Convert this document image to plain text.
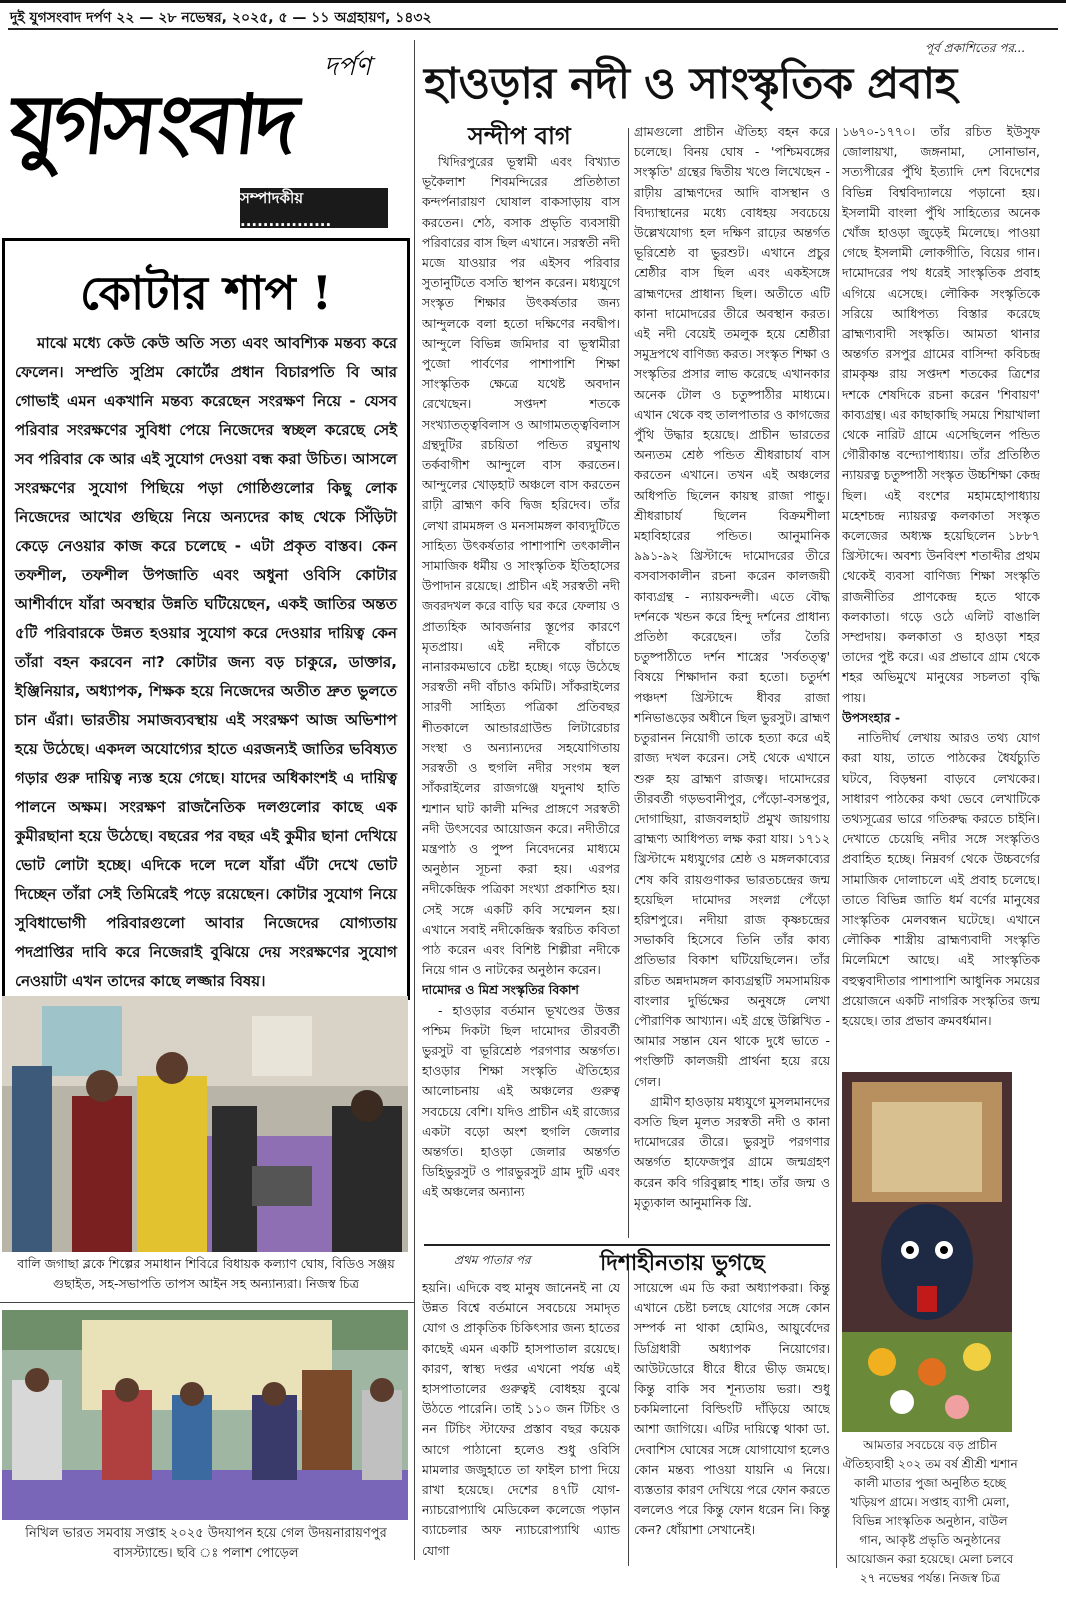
দুই যুগসংবাদ দর্পণ ২২ — ২৮ নভেম্বর, ২০২৫, ৫ — ১১ অগ্রহায়ণ, ১৪৩২
যুগসংবাদ
দর্পণ
সম্পাদকীয় ................
কোটার শাপ !

মাঝে মধ্যে কেউ কেউ অতি সত্য এবং আবশ্যিক মন্তব্য করে ফেলেন। সম্প্রতি সুপ্রিম কোর্টের প্রধান বিচারপতি বি আর গোভাই এমন একখানি মন্তব্য করেছেন সংরক্ষণ নিয়ে - যেসব পরিবার সংরক্ষণের সুবিধা পেয়ে নিজেদের স্বচ্ছল করেছে সেই সব পরিবার কে আর এই সুযোগ দেওয়া বন্ধ করা উচিত। আসলে সংরক্ষণের সুযোগ পিছিয়ে পড়া গোষ্ঠিগুলোর কিছু লোক নিজেদের আখের গুছিয়ে নিয়ে অন্যদের কাছ থেকে সিঁড়িটা কেড়ে নেওয়ার কাজ করে চলেছে - এটা প্রকৃত বাস্তব। কেন তফশীল, তফশীল উপজাতি এবং অধুনা ওবিসি কোটার আশীর্বাদে যাঁরা অবস্থার উন্নতি ঘটিয়েছেন, একই জাতির অন্তত ৫টি পরিবারকে উন্নত হওয়ার সুযোগ করে দেওয়ার দায়িত্ব কেন তাঁরা বহন করবেন না? কোটার জন্য বড় চাকুরে, ডাক্তার, ইঞ্জিনিয়ার, অধ্যাপক, শিক্ষক হয়ে নিজেদের অতীত দ্রুত ভুলতে চান এঁরা। ভারতীয় সমাজব্যবস্থায় এই সংরক্ষণ আজ অভিশাপ হয়ে উঠেছে। একদল অযোগ্যের হাতে এরজন্যই জাতির ভবিষ্যত গড়ার গুরু দায়িত্ব ন্যস্ত হয়ে গেছে। যাদের অধিকাংশই এ দায়িত্ব পালনে অক্ষম। সংরক্ষণ রাজনৈতিক দলগুলোর কাছে এক কুমীরছানা হয়ে উঠেছে। বছরের পর বছর এই কুমীর ছানা দেখিয়ে ভোট লোটা হচ্ছে। এদিকে দলে দলে যাঁরা এঁটা দেখে ভোট দিচ্ছেন তাঁরা সেই তিমিরেই পড়ে রয়েছেন। কোটার সুযোগ নিয়ে সুবিধাভোগী পরিবারগুলো আবার নিজেদের যোগ্যতায় পদপ্রাপ্তির দাবি করে নিজেরাই বুঝিয়ে দেয় সংরক্ষণের সুযোগ নেওয়াটা এখন তাদের কাছে লজ্জার বিষয়।

বালি জগাছা ব্লকে শিল্পের সমাধান শিবিরে বিধায়ক কল্যাণ ঘোষ, বিডিও সঞ্জয় গুছাইত, সহ-সভাপতি তাপস আইন সহ অন্যান্যরা। নিজস্ব চিত্র
নিখিল ভারত সমবায় সপ্তাহ ২০২৫ উদযাপন হয়ে গেল উদয়নারায়ণপুর বাসস্ট্যান্ডে। ছবি ঃ পলাশ পোড়েল
পূর্ব প্রকাশিতের পর...
হাওড়ার নদী ও সাংস্কৃতিক প্রবাহ
সন্দীপ বাগ

খিদিরপুরের ভূস্বামী এবং বিখ্যাত ভূকৈলাশ শিবমন্দিরের প্রতিষ্ঠাতা কন্দর্পনারায়ণ ঘোষাল বাকসাড়ায় বাস করতেন। শেঠ, বসাক প্রভৃতি ব্যবসায়ী পরিবারের বাস ছিল এখানে। সরস্বতী নদী মজে যাওয়ার পর এইসব পরিবার সুতানুটিতে বসতি স্থাপন করেন। মধ্যযুগে সংস্কৃত শিক্ষার উৎকর্ষতার জন্য আন্দুলকে বলা হতো দক্ষিণের নবদ্বীপ। আন্দুলে বিভিন্ন জমিদার বা ভূস্বামীরা পুজো পার্বণের পাশাপাশি শিক্ষা সাংস্কৃতিক ক্ষেত্রে যথেষ্ট অবদান রেখেছেন। সপ্তদশ শতকে সংখ্যাতত্ত্ববিলাস ও আগামতত্ত্ববিলাস গ্রন্থদুটির রচয়িতা পন্ডিত রঘুনাথ তর্কবাগীশ আন্দুলে বাস করতেন। আন্দুলের খোড়হাট অঞ্চলে বাস করতেন রাঢ়ী ব্রাহ্মণ কবি দ্বিজ হরিদেব। তাঁর লেখা রামমঙ্গল ও মনসামঙ্গল কাব্যদুটিতে সাহিত্য উৎকর্ষতার পাশাপাশি তৎকালীন সামাজিক ধর্মীয় ও সাংস্কৃতিক ইতিহাসের উপাদান রয়েছে। প্রাচীন এই সরস্বতী নদী জবরদখল করে বাড়ি ঘর করে ফেলায় ও প্রাত্যহিক আবর্জনার স্তূপের কারণে মৃতপ্রায়। এই নদীকে বাঁচাতে নানারকমভাবে চেষ্টা হচ্ছে। গড়ে উঠেছে সরস্বতী নদী বাঁচাও কমিটি। সাঁকরাইলের সারণী সাহিত্য পত্রিকা প্রতিবছর শীতকালে আন্ডারগ্রাউন্ড লিটারেচার সংস্থা ও অন্যান্যদের সহযোগিতায় সরস্বতী ও হুগলি নদীর সংগম স্থল সাঁকরাইলের রাজগঞ্জে যদুনাথ হাতি শ্মশান ঘাট কালী মন্দির প্রাঙ্গণে সরস্বতী নদী উৎসবের আয়োজন করে। নদীতীরে মন্ত্রপাঠ ও পুষ্প নিবেদনের মাধ্যমে অনুষ্ঠান সূচনা করা হয়। এরপর নদীকেন্দ্রিক পত্রিকা সংখ্যা প্রকাশিত হয়। সেই সঙ্গে একটি কবি সম্মেলন হয়। এখানে সবাই নদীকেন্দ্রিক স্বরচিত কবিতা পাঠ করেন এবং বিশিষ্ট শিল্পীরা নদীকে নিয়ে গান ও নাটকের অনুষ্ঠান করেন।

দামোদর ও মিশ্র সংস্কৃতির বিকাশ

- হাওড়ার বর্তমান ভূখণ্ডের উত্তর পশ্চিম দিকটা ছিল দামোদর তীরবর্তী ভুরসুট বা ভূরিশ্রেষ্ঠ পরগণার অন্তর্গত। হাওড়ার শিক্ষা সংস্কৃতি ঐতিহ্যের আলোচনায় এই অঞ্চলের গুরুত্ব সবচেয়ে বেশি। যদিও প্রাচীন এই রাজ্যের একটা বড়ো অংশ হুগলি জেলার অন্তর্গত। হাওড়া জেলার অন্তর্গত ডিহিভুরসুট ও পারভুরসুট গ্রাম দুটি এবং এই অঞ্চলের অন্যান্য

গ্রামগুলো প্রাচীন ঐতিহ্য বহন করে চলেছে। বিনয় ঘোষ - 'পশ্চিমবঙ্গের সংস্কৃতি' গ্রন্থের দ্বিতীয় খণ্ডে লিখেছেন - রাঢ়ীয় ব্রাহ্মণদের আদি বাসস্থান ও বিদ্যাস্থানের মধ্যে বোধহয় সবচেয়ে উল্লেখযোগ্য হল দক্ষিণ রাঢ়ের অন্তর্গত ভূরিশ্রেষ্ঠ বা ভুরশুট। এখানে প্রচুর শ্রেষ্ঠীর বাস ছিল এবং একইসঙ্গে ব্রাহ্মণদের প্রাধান্য ছিল। অতীতে এটি কানা দামোদরের তীরে অবস্থান করত। এই নদী বেয়েই তমলুক হয়ে শ্রেষ্ঠীরা সমুদ্রপথে বাণিজ্য করত। সংস্কৃত শিক্ষা ও সংস্কৃতির প্রসার লাভ করেছে এখানকার অনেক টোল ও চতুষ্পাঠীর মাধ্যমে। এখান থেকে বহু তালপাতার ও কাগজের পুঁথি উদ্ধার হয়েছে। প্রাচীন ভারতের অন্যতম শ্রেষ্ঠ পন্ডিত শ্রীধরাচার্য বাস করতেন এখানে। তখন এই অঞ্চলের অধিপতি ছিলেন কায়স্থ রাজা পান্ডু। শ্রীধরাচার্য ছিলেন বিক্রমশীলা মহাবিহারের পন্ডিত। আনুমানিক ৯৯১-৯২ খ্রিস্টাব্দে দামোদরের তীরে বসবাসকালীন রচনা করেন কালজয়ী কাব্যগ্রন্থ - ন্যায়কন্দলী। এতে বৌদ্ধ দর্শনকে খন্ডন করে হিন্দু দর্শনের প্রাধান্য প্রতিষ্ঠা করেছেন। তাঁর তৈরি চতুষ্পাঠীতে দর্শন শাস্ত্রের 'সর্বতত্ত্ব' বিষয়ে শিক্ষাদান করা হতো। চতুর্দশ পঞ্চদশ খ্রিস্টাব্দে ধীবর রাজা শনিভাঙড়ের অধীনে ছিল ভুরসুট। ব্রাহ্মণ চতুরানন নিয়োগী তাকে হত্যা করে এই রাজ্য দখল করেন। সেই থেকে এখানে শুরু হয় ব্রাহ্মণ রাজত্ব। দামোদরের তীরবর্তী গড়ভবানীপুর, পেঁড়ো-বসন্তপুর, দোগাছিয়া, রাজবলহাট প্রমুখ জায়গায় ব্রাহ্মণ্য আধিপত্য লক্ষ করা যায়। ১৭১২ খ্রিস্টাব্দে মধ্যযুগের শ্রেষ্ঠ ও মঙ্গলকাব্যের শেষ কবি রায়গুণাকর ভারতচন্দ্রের জন্ম হয়েছিল দামোদর সংলগ্ন পেঁড়ো হরিশপুরে। নদীয়া রাজ কৃষ্ণচন্দ্রের সভাকবি হিসেবে তিনি তাঁর কাব্য প্রতিভার বিকাশ ঘটিয়েছিলেন। তাঁর রচিত অন্নদামঙ্গল কাব্যগ্রন্থটি সমসাময়িক বাংলার দুর্ভিক্ষের অনুষঙ্গে লেখা পৌরাণিক আখ্যান। এই গ্রন্থে উল্লিখিত - আমার সন্তান যেন থাকে দুধে ভাতে - পংক্তিটি কালজয়ী প্রার্থনা হয়ে রয়ে গেল।

গ্রামীণ হাওড়ায় মধ্যযুগে মুসলমানদের বসতি ছিল মূলত সরস্বতী নদী ও কানা দামোদরের তীরে। ভুরসুট পরগণার অন্তর্গত হাফেজপুর গ্রামে জন্মগ্রহণ করেন কবি গরিবুল্লাহ শাহ। তাঁর জন্ম ও মৃত্যুকাল আনুমানিক খ্রি.

১৬৭০-১৭৭০। তাঁর রচিত ইউসুফ জোলায়খা, জঙ্গনামা, সোনাভান, সত্যপীরের পুঁথি ইত্যাদি দেশ বিদেশের বিভিন্ন বিশ্ববিদ্যালয়ে পড়ানো হয়। ইসলামী বাংলা পুঁথি সাহিত্যের অনেক খোঁজ হাওড়া জুড়েই মিলেছে। পাওয়া গেছে ইসলামী লোকগীতি, বিয়ের গান। দামোদরের পথ ধরেই সাংস্কৃতিক প্রবাহ এগিয়ে এসেছে। লৌকিক সংস্কৃতিকে সরিয়ে আধিপত্য বিস্তার করেছে ব্রাহ্মণ্যবাদী সংস্কৃতি। আমতা থানার অন্তর্গত রসপুর গ্রামের বাসিন্দা কবিচন্দ্র রামকৃষ্ণ রায় সপ্তদশ শতকের ত্রিশের দশকে শেষদিকে রচনা করেন 'শিবায়ণ' কাব্যগ্রন্থ। এর কাছাকাছি সময়ে শিয়াখালা থেকে নারিট গ্রামে এসেছিলেন পন্ডিত গৌরীকান্ত বন্দ্যোপাধ্যায়। তাঁর প্রতিষ্ঠিত ন্যায়রত্ন চতুষ্পাঠী সংস্কৃত উচ্চশিক্ষা কেন্দ্র ছিল। এই বংশের মহামহোপাধ্যায় মহেশচন্দ্র ন্যায়রত্ন কলকাতা সংস্কৃত কলেজের অধ্যক্ষ হয়েছিলেন ১৮৮৭ খ্রিস্টাব্দে। অবশ্য উনবিংশ শতাব্দীর প্রথম থেকেই ব্যবসা বাণিজ্য শিক্ষা সংস্কৃতি রাজনীতির প্রাণকেন্দ্র হতে থাকে কলকাতা। গড়ে ওঠে এলিট বাঙালি সম্প্রদায়। কলকাতা ও হাওড়া শহর তাদের পুষ্ট করে। এর প্রভাবে গ্রাম থেকে শহর অভিমুখে মানুষের সচলতা বৃদ্ধি পায়।

উপসংহার -

নাতিদীর্ঘ লেখায় আরও তথ্য যোগ করা যায়, তাতে পাঠকের ধৈর্যচ্যুতি ঘটবে, বিড়ম্বনা বাড়বে লেখকের। সাধারণ পাঠকের কথা ভেবে লেখাটিকে তথ্যসূত্রের ভারে গতিরুদ্ধ করতে চাইনি। দেখাতে চেয়েছি নদীর সঙ্গে সংস্কৃতিও প্রবাহিত হচ্ছে। নিম্নবর্গ থেকে উচ্চবর্গের সামাজিক দোলাচলে এই প্রবাহ চলেছে। তাতে বিভিন্ন জাতি ধর্ম বর্ণের মানুষের সাংস্কৃতিক মেলবন্ধন ঘটেছে। এখানে লৌকিক শাস্ত্রীয় ব্রাহ্মণ্যবাদী সংস্কৃতি মিলেমিশে আছে। এই সাংস্কৃতিক বহুত্ববাদীতার পাশাপাশি আধুনিক সময়ের প্রয়োজনে একটি নাগরিক সংস্কৃতির জন্ম হয়েছে। তার প্রভাব ক্রমবর্ধমান।

আমতার সবচেয়ে বড় প্রাচীন ঐতিহ্যবাহী ২০২ তম বর্ষ শ্রীশ্রী শ্মশান কালী মাতার পুজা অনুষ্ঠিত হচ্ছে খড়িয়প গ্রামে। সপ্তাহ ব্যাপী মেলা, বিভিন্ন সাংস্কৃতিক অনুষ্ঠান, বাউল গান, আকৃষ্ট প্রভৃতি অনুষ্ঠানের আয়োজন করা হয়েছে। মেলা চলবে ২৭ নভেম্বর পর্যন্ত। নিজস্ব চিত্র
প্রথম পাতার পর	দিশাহীনতায় ভুগছে

হয়নি। এদিকে বহু মানুষ জানেনই না যে উন্নত বিশ্বে বর্তমানে সবচেয়ে সমাদৃত যোগ ও প্রাকৃতিক চিকিৎসার জন্য হাতের কাছেই এমন একটি হাসপাতাল রয়েছে। কারণ, স্বাস্থ্য দপ্তর এখনো পর্যন্ত এই হাসপাতালের গুরুত্বই বোধহয় বুঝে উঠতে পারেনি। তাই ১১০ জন টিচিং ও নন টিচিং স্টাফের প্রস্তাব বছর কয়েক আগে পাঠানো হলেও শুধু ওবিসি মামলার জজুহাতে তা ফাইল চাপা দিয়ে রাখা হয়েছে। দেশের ৪৭টি যোগ- ন্যাচরোপ্যাথি মেডিকেল কলেজে পড়ান ব্যাচেলার অফ ন্যাচরোপ্যাথি এ্যান্ড যোগা

সায়েন্সে এম ডি করা অধ্যাপকরা। কিন্তু এখানে চেষ্টা চলছে যোগের সঙ্গে কোন সম্পর্ক না থাকা হোমিও, আয়ুর্বেদের ডিগ্রিধারী অধ্যাপক নিয়োগের। আউটডোরে ধীরে ধীরে ভীড় জমছে। কিন্তু বাকি সব শূন্যতায় ভরা। শুধু চকমিলানো বিল্ডিংটি দাঁড়িয়ে আছে আশা জাগিয়ে। এটির দায়িত্বে থাকা ডা. দেবাশিস ঘোষের সঙ্গে যোগাযোগ হলেও কোন মন্তব্য পাওয়া যায়নি এ নিয়ে। ব্যস্ততার কারণ দেখিয়ে পরে ফোন করতে বললেও পরে কিন্তু ফোন ধরেন নি। কিন্তু কেন? ধোঁয়াশা সেখানেই।
